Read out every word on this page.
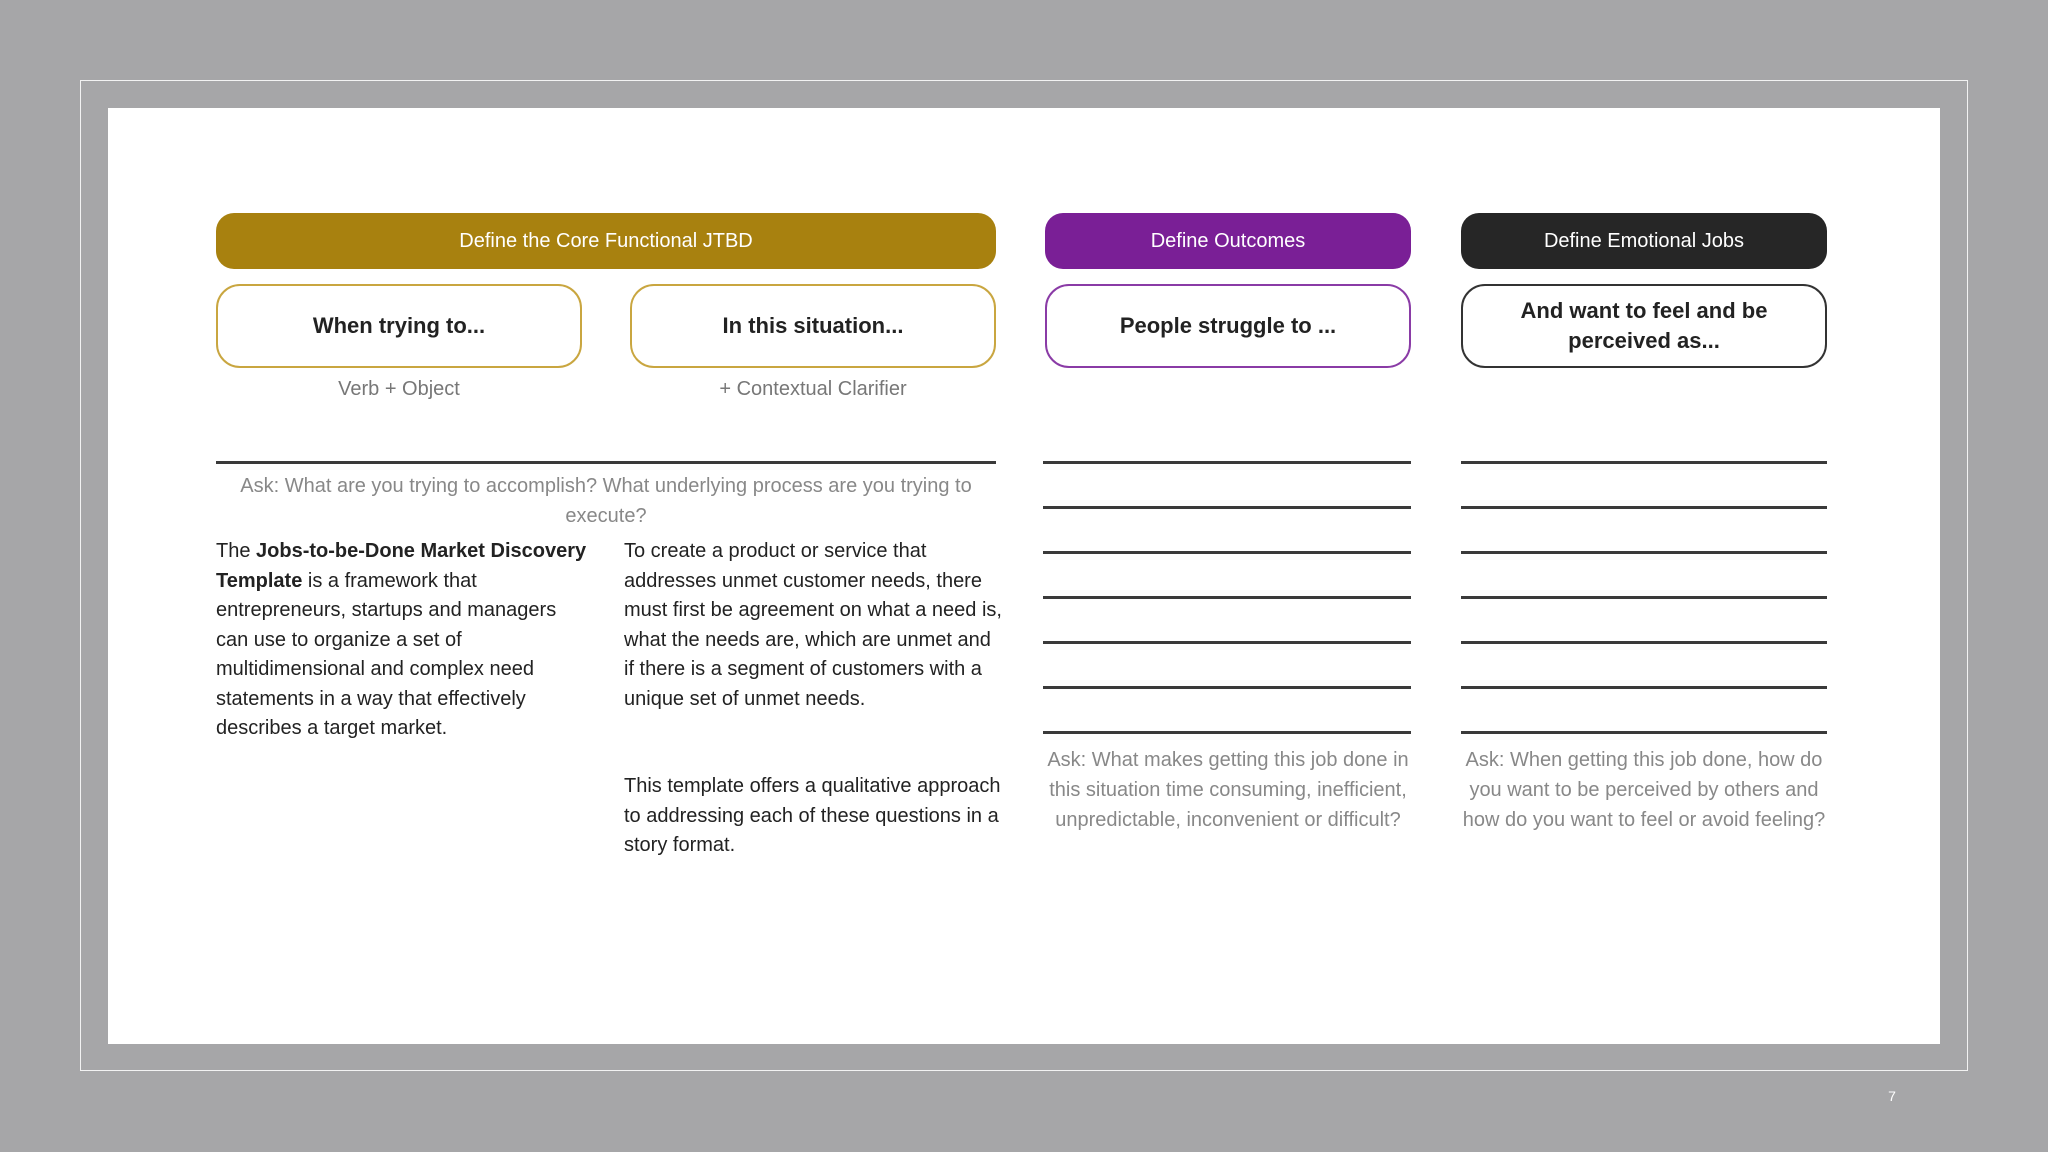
Define the Core Functional JTBD	Define Outcomes	Define Emotional Jobs
When trying to...	In this situation...	People struggle to ...
And want to feel and be perceived as...
Verb + Object	+ Contextual Clarifier
Ask: What are you trying to accomplish? What underlying process are you trying to execute?
Ask: What makes getting this job done in this situation time consuming, inefficient, unpredictable, inconvenient or difficult?
Ask: When getting this job done, how do you want to be perceived by others and how do you want to feel or avoid feeling?
The Jobs-to-be-Done Market Discovery Template is a framework that entrepreneurs, startups and managers can use to organize a set of multidimensional and complex need statements in a way that effectively describes a target market.
To create a product or service that addresses unmet customer needs, there must first be agreement on what a need is, what the needs are, which are unmet and if there is a segment of customers with a unique set of unmet needs.
This template offers a qualitative approach to addressing each of these questions in a story format.
7
